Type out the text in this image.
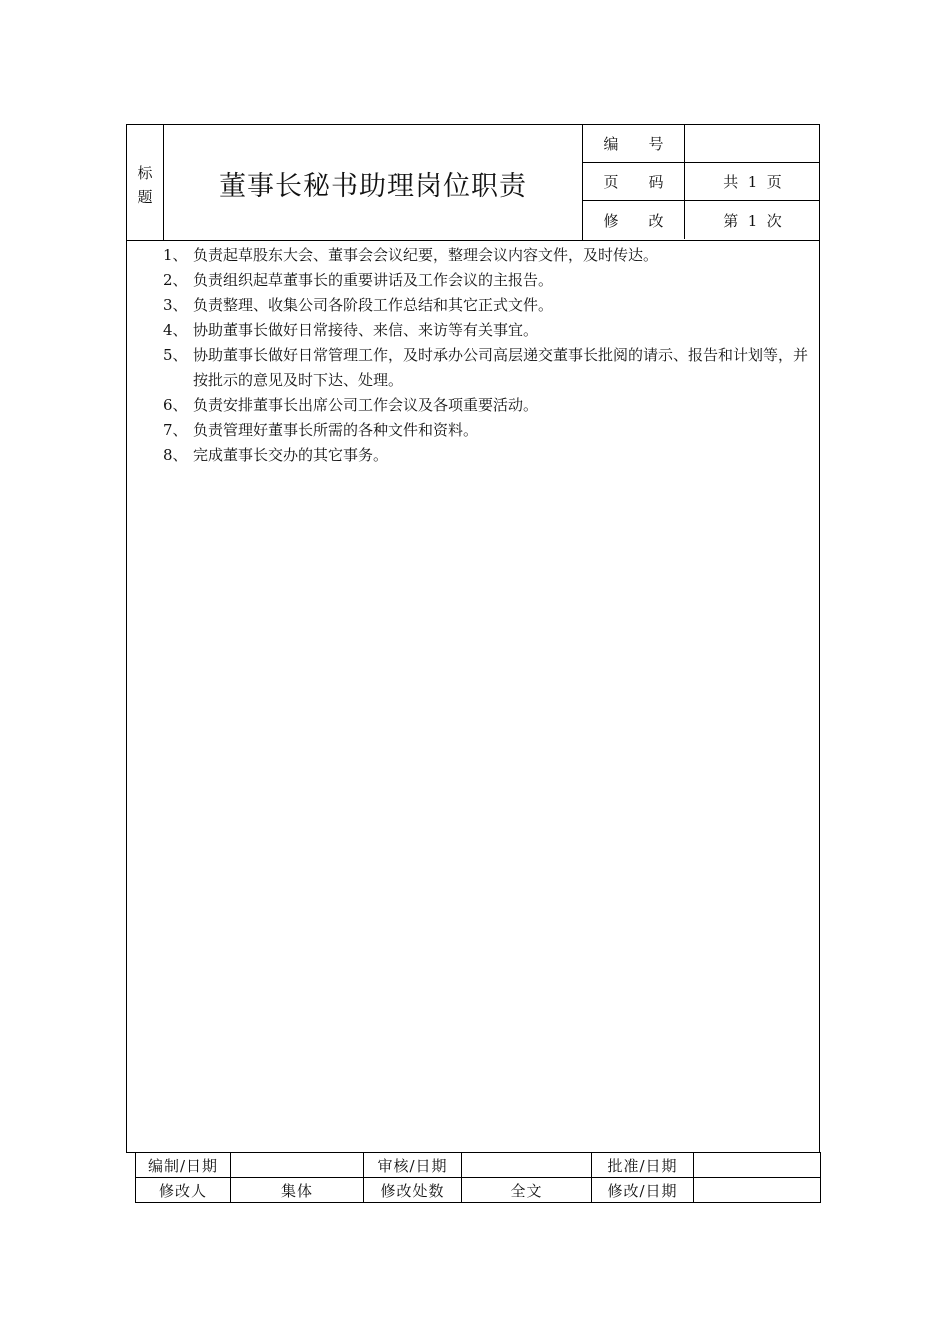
标
题	董事长秘书助理岗位职责
编　　号
页　　码	共  1  页
修　　改	第  1  次
1、 负责起草股东大会、董事会会议纪要，整理会议内容文件，及时传达。
2、 负责组织起草董事长的重要讲话及工作会议的主报告。
3、 负责整理、收集公司各阶段工作总结和其它正式文件。
4、 协助董事长做好日常接待、来信、来访等有关事宜。
5、 协助董事长做好日常管理工作，及时承办公司高层递交董事长批阅的请示、报告和计划等，并按批示的意见及时下达、处理。
6、 负责安排董事长出席公司工作会议及各项重要活动。
7、 负责管理好董事长所需的各种文件和资料。
8、 完成董事长交办的其它事务。
编制/日期		审核/日期		批准/日期	
修改人	集体	修改处数	全文	修改/日期	
